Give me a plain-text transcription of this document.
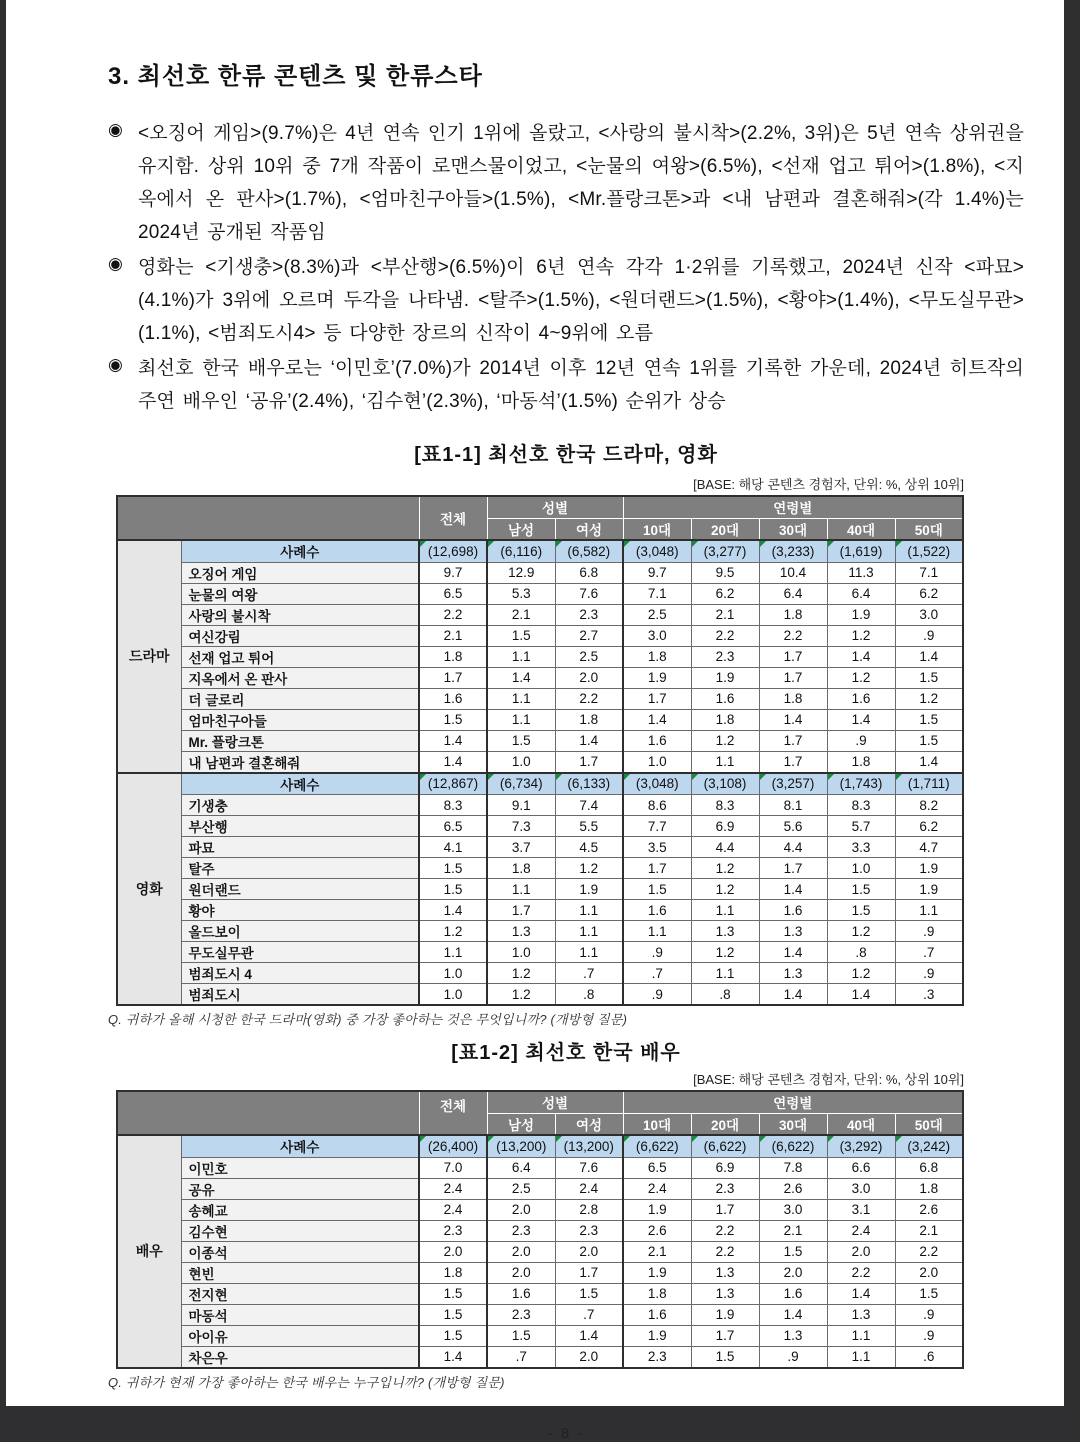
3. 최선호 한류 콘텐츠 및 한류스타
◉ <오징어 게임>(9.7%)은 4년 연속 인기 1위에 올랐고, <사랑의 불시착>(2.2%, 3위)은 5년 연속 상위권을 유지함. 상위 10위 중 7개 작품이 로맨스물이었고, <눈물의 여왕>(6.5%), <선재 업고 튀어>(1.8%), <지옥에서 온 판사>(1.7%), <엄마친구아들>(1.5%), <Mr.플랑크톤>과 <내 남편과 결혼해줘>(각 1.4%)는 2024년 공개된 작품임
◉ 영화는 <기생충>(8.3%)과 <부산행>(6.5%)이 6년 연속 각각 1·2위를 기록했고, 2024년 신작 <파묘>(4.1%)가 3위에 오르며 두각을 나타냄. <탈주>(1.5%), <원더랜드>(1.5%), <황야>(1.4%), <무도실무관>(1.1%), <범죄도시4> 등 다양한 장르의 신작이 4~9위에 오름
◉ 최선호 한국 배우로는 ‘이민호’(7.0%)가 2014년 이후 12년 연속 1위를 기록한 가운데, 2024년 히트작의 주연 배우인 ‘공유’(2.4%), ‘김수현’(2.3%), ‘마동석’(1.5%) 순위가 상승
[표1-1] 최선호 한국 드라마, 영화
[BASE: 해당 콘텐츠 경험자, 단위: %, 상위 10위]
		전체	성별		연령별				
			남성	여성	10대	20대	30대	40대	50대
드라마	사례수	(12,698)	(6,116)	(6,582)	(3,048)	(3,277)	(3,233)	(1,619)	(1,522)
	오징어 게임	9.7	12.9	6.8	9.7	9.5	10.4	11.3	7.1
	눈물의 여왕	6.5	5.3	7.6	7.1	6.2	6.4	6.4	6.2
	사랑의 불시착	2.2	2.1	2.3	2.5	2.1	1.8	1.9	3.0
	여신강림	2.1	1.5	2.7	3.0	2.2	2.2	1.2	.9
	선재 업고 튀어	1.8	1.1	2.5	1.8	2.3	1.7	1.4	1.4
	지옥에서 온 판사	1.7	1.4	2.0	1.9	1.9	1.7	1.2	1.5
	더 글로리	1.6	1.1	2.2	1.7	1.6	1.8	1.6	1.2
	엄마친구아들	1.5	1.1	1.8	1.4	1.8	1.4	1.4	1.5
	Mr. 플랑크톤	1.4	1.5	1.4	1.6	1.2	1.7	.9	1.5
	내 남편과 결혼해줘	1.4	1.0	1.7	1.0	1.1	1.7	1.8	1.4
영화	사례수	(12,867)	(6,734)	(6,133)	(3,048)	(3,108)	(3,257)	(1,743)	(1,711)
	기생충	8.3	9.1	7.4	8.6	8.3	8.1	8.3	8.2
	부산행	6.5	7.3	5.5	7.7	6.9	5.6	5.7	6.2
	파묘	4.1	3.7	4.5	3.5	4.4	4.4	3.3	4.7
	탈주	1.5	1.8	1.2	1.7	1.2	1.7	1.0	1.9
	원더랜드	1.5	1.1	1.9	1.5	1.2	1.4	1.5	1.9
	황야	1.4	1.7	1.1	1.6	1.1	1.6	1.5	1.1
	올드보이	1.2	1.3	1.1	1.1	1.3	1.3	1.2	.9
	무도실무관	1.1	1.0	1.1	.9	1.2	1.4	.8	.7
	범죄도시 4	1.0	1.2	.7	.7	1.1	1.3	1.2	.9
	범죄도시	1.0	1.2	.8	.9	.8	1.4	1.4	.3
Q. 귀하가 올해 시청한 한국 드라마(영화) 중 가장 좋아하는 것은 무엇입니까? (개방형 질문)
[표1-2] 최선호 한국 배우
[BASE: 해당 콘텐츠 경험자, 단위: %, 상위 10위]
		전체	성별		연령별				
			남성	여성	10대	20대	30대	40대	50대
배우	사례수	(26,400)	(13,200)	(13,200)	(6,622)	(6,622)	(6,622)	(3,292)	(3,242)
	이민호	7.0	6.4	7.6	6.5	6.9	7.8	6.6	6.8
	공유	2.4	2.5	2.4	2.4	2.3	2.6	3.0	1.8
	송혜교	2.4	2.0	2.8	1.9	1.7	3.0	3.1	2.6
	김수현	2.3	2.3	2.3	2.6	2.2	2.1	2.4	2.1
	이종석	2.0	2.0	2.0	2.1	2.2	1.5	2.0	2.2
	현빈	1.8	2.0	1.7	1.9	1.3	2.0	2.2	2.0
	전지현	1.5	1.6	1.5	1.8	1.3	1.6	1.4	1.5
	마동석	1.5	2.3	.7	1.6	1.9	1.4	1.3	.9
	아이유	1.5	1.5	1.4	1.9	1.7	1.3	1.1	.9
	차은우	1.4	.7	2.0	2.3	1.5	.9	1.1	.6
Q. 귀하가 현재 가장 좋아하는 한국 배우는 누구입니까? (개방형 질문)
- 8 -
